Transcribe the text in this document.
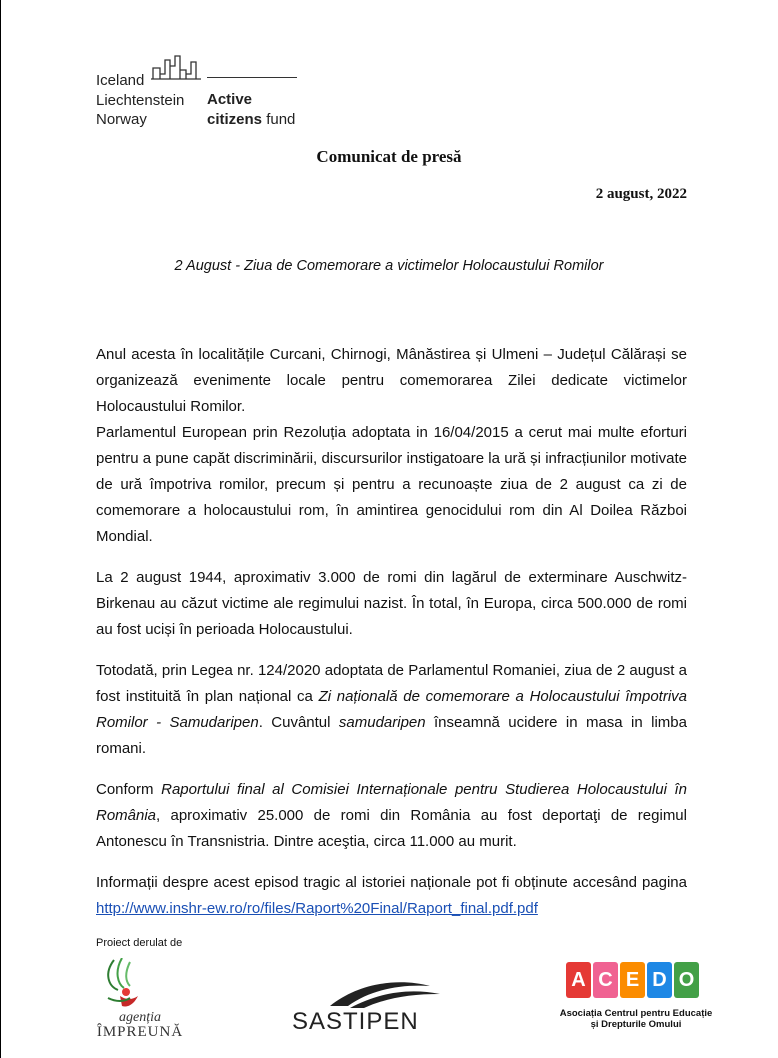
Iceland
Liechtenstein
Norway
Active
citizens fund
Comunicat de presă
2 august, 2022
2 August - Ziua de Comemorare a victimelor Holocaustului Romilor

Anul acesta în localitățile Curcani, Chirnogi, Mânăstirea și Ulmeni – Județul Călărași se organizează evenimente locale pentru comemorarea Zilei dedicate victimelor Holocaustului Romilor.

Parlamentul European prin Rezoluția adoptata in 16/04/2015 a cerut mai multe eforturi pentru a pune capăt discriminării, discursurilor instigatoare la ură și infracțiunilor motivate de ură împotriva romilor, precum și pentru a recunoaște ziua de 2 august ca zi de comemorare a holocaustului rom, în amintirea genocidului rom din Al Doilea Război Mondial.

La 2 august 1944, aproximativ 3.000 de romi din lagărul de exterminare Auschwitz-Birkenau au căzut victime ale regimului nazist. În total, în Europa, circa 500.000 de romi au fost uciși în perioada Holocaustului.

Totodată, prin Legea nr. 124/2020 adoptata de Parlamentul Romaniei, ziua de 2 august a fost instituită în plan național ca Zi națională de comemorare a Holocaustului împotriva Romilor - Samudaripen. Cuvântul samudaripen înseamnă ucidere in masa in limba romani.

Conform Raportului final al Comisiei Internaționale pentru Studierea Holocaustului în România, aproximativ 25.000 de romi din România au fost deportaţi de regimul Antonescu în Transnistria. Dintre aceştia, circa 11.000 au murit.

Informații despre acest episod tragic al istoriei naționale pot fi obținute accesând pagina http://www.inshr-ew.ro/ro/files/Raport%20Final/Raport_final.pdf.pdf

Proiect derulat de
agenția
ÎMPREUNĂ	SASTIPEN
A C E D O
Asociația Centrul pentru Educație
și Drepturile Omului
